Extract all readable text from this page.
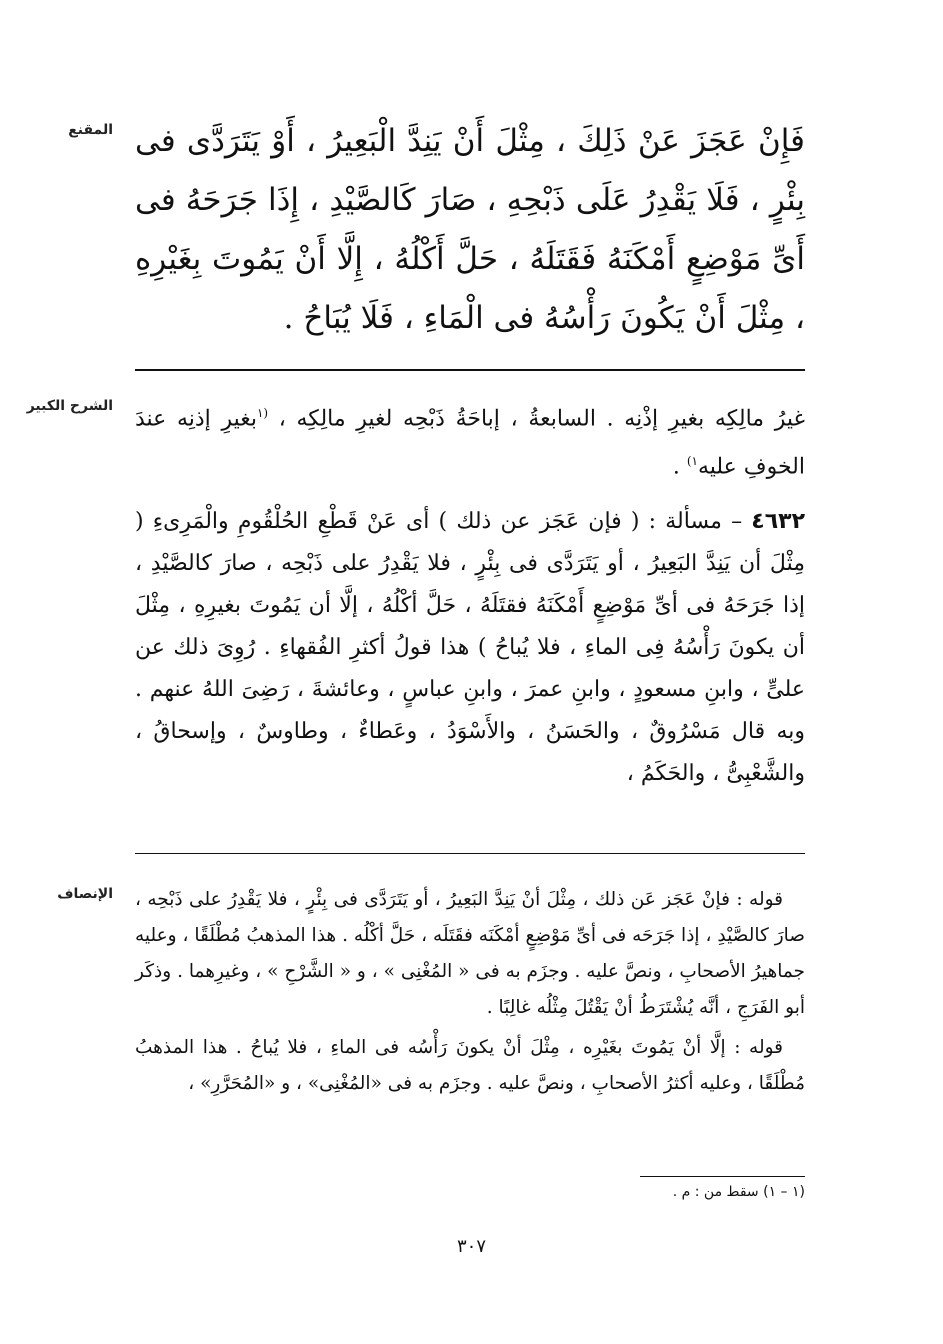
المقنع فَإِنْ عَجَزَ عَنْ ذَلِكَ ، مِثْلَ أَنْ يَنِدَّ الْبَعِيرُ ، أَوْ يَتَرَدَّى فى بِئْرٍ ، فَلَا يَقْدِرُ عَلَى ذَبْحِهِ ، صَارَ كَالصَّيْدِ ، إِذَا جَرَحَهُ فى أَىِّ مَوْضِعٍ أَمْكَنَهُ فَقَتَلَهُ ، حَلَّ أَكْلُهُ ، إِلَّا أَنْ يَمُوتَ بِغَيْرِهِ ، مِثْلَ أَنْ يَكُونَ رَأْسُهُ فى الْمَاءِ ، فَلَا يُبَاحُ .

الشرح الكبير

غيرُ مالِكِه بغيرِ إذْنِه . السابعةُ ، إباحَةُ ذَبْحِه لغيرِ مالِكِه ، $^{(١}$بغيرِ إذنِه عندَ الخوفِ عليه$^{١)}$ .

٤٦٣٢ – مسألة : ( فإن عَجَز عن ذلك ) أى عَنْ قَطْعِ الحُلْقُومِ والْمَرِىءِ ( مِثْلَ أن يَنِدَّ البَعِيرُ ، أو يَتَرَدَّى فى بِئْرٍ ، فلا يَقْدِرُ على ذَبْحِه ، صارَ كالصَّيْدِ ، إذا جَرَحَهُ فى أىِّ مَوْضِعٍ أَمْكَنَهُ فقتَلَهُ ، حَلَّ أكْلُهُ ، إلَّا أن يَمُوتَ بغيرِهِ ، مِثْلَ أن يكونَ رَأْسُهُ فِى الماءِ ، فلا يُباحُ ) هذا قولُ أكثرِ الفُقهاءِ . رُوِىَ ذلك عن علىٍّ ، وابنِ مسعودٍ ، وابنِ عمرَ ، وابنِ عباسٍ ، وعائشةَ ، رَضِىَ اللهُ عنهم . وبه قال مَسْرُوقٌ ، والحَسَنُ ، والأَسْوَدُ ، وعَطاءٌ ، وطاوسٌ ، وإسحاقُ ، والشَّعْبِىُّ ، والحَكَمُ ،

الإنصاف قوله : فإنْ عَجَز عَن ذلك ، مِثْلَ أنْ يَنِدَّ البَعِيرُ ، أو يَتَرَدَّى فى بِئْرٍ ، فلا يَقْدِرُ على ذَبْحِه ، صارَ كالصَّيْدِ ، إذا جَرَحَه فى أىِّ مَوْضِعٍ أمْكَنَه فقَتَلَه ، حَلَّ أكْلُه . هذا المذهبُ مُطْلَقًا ، وعليه جماهيرُ الأصحابِ ، ونصَّ عليه . وجزَم به فى « المُغْنِى » ، و « الشَّرْحِ » ، وغيرِهما . وذكَر أبو الفَرَجِ ، أنَّه يُشْتَرَطُ أنْ يَقْتُلَ مِثْلُه غالِبًا .

قوله : إلَّا أنْ يَمُوتَ بغَيْرِه ، مِثْلَ أنْ يكونَ رَأْسُه فى الماءِ ، فلا يُباحُ . هذا المذهبُ مُطْلَقًا ، وعليه أكثرُ الأصحابِ ، ونصَّ عليه . وجزَم به فى «المُغْنِى» ، و «المُحَرَّرِ» ،

(١ – ١) سقط من : م .
٣٠٧
